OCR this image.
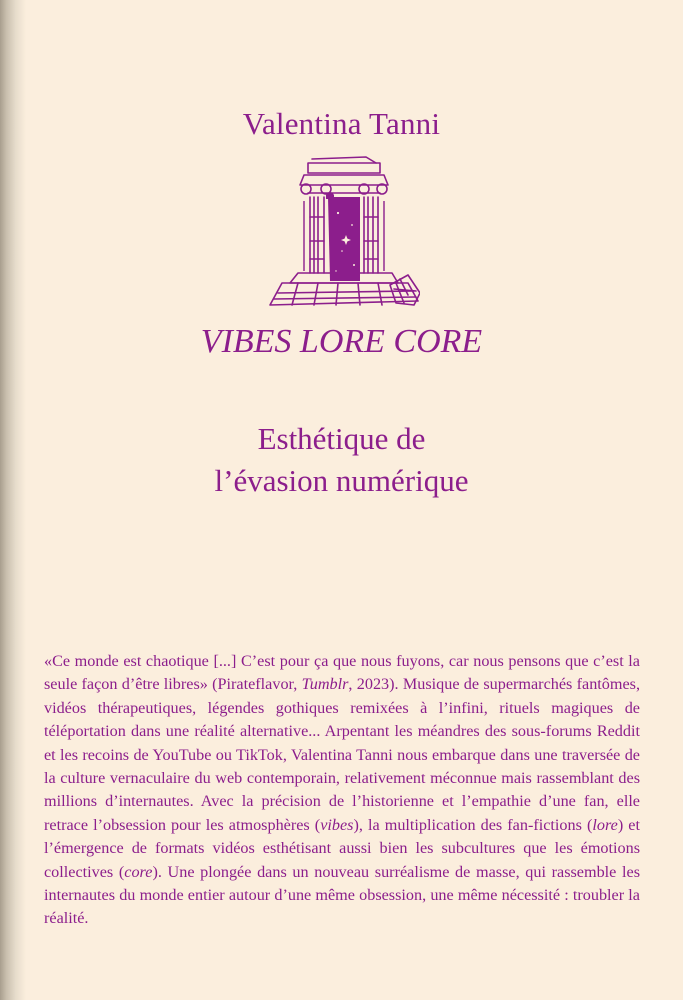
Valentina Tanni
VIBES LORE CORE
Esthétique de
l’évasion numérique
«Ce monde est chaotique [...] C’est pour ça que nous fuyons, car nous pensons que c’est la seule façon d’être libres» (Pirateflavor, Tumblr, 2023). Musique de supermarchés fantômes, vidéos thérapeutiques, légendes gothiques remixées à l’infini, rituels magiques de téléportation dans une réalité alternative... Arpentant les méandres des sous-forums Reddit et les recoins de YouTube ou TikTok, Valentina Tanni nous embarque dans une traversée de la culture vernaculaire du web contemporain, relativement méconnue mais rassemblant des millions d’internautes. Avec la précision de l’historienne et l’empathie d’une fan, elle retrace l’obsession pour les atmosphères (vibes), la multiplication des fan-fictions (lore) et l’émergence de formats vidéos esthétisant aussi bien les subcultures que les émotions collectives (core). Une plongée dans un nouveau surréalisme de masse, qui rassemble les internautes du monde entier autour d’une même obsession, une même nécessité : troubler la réalité.
